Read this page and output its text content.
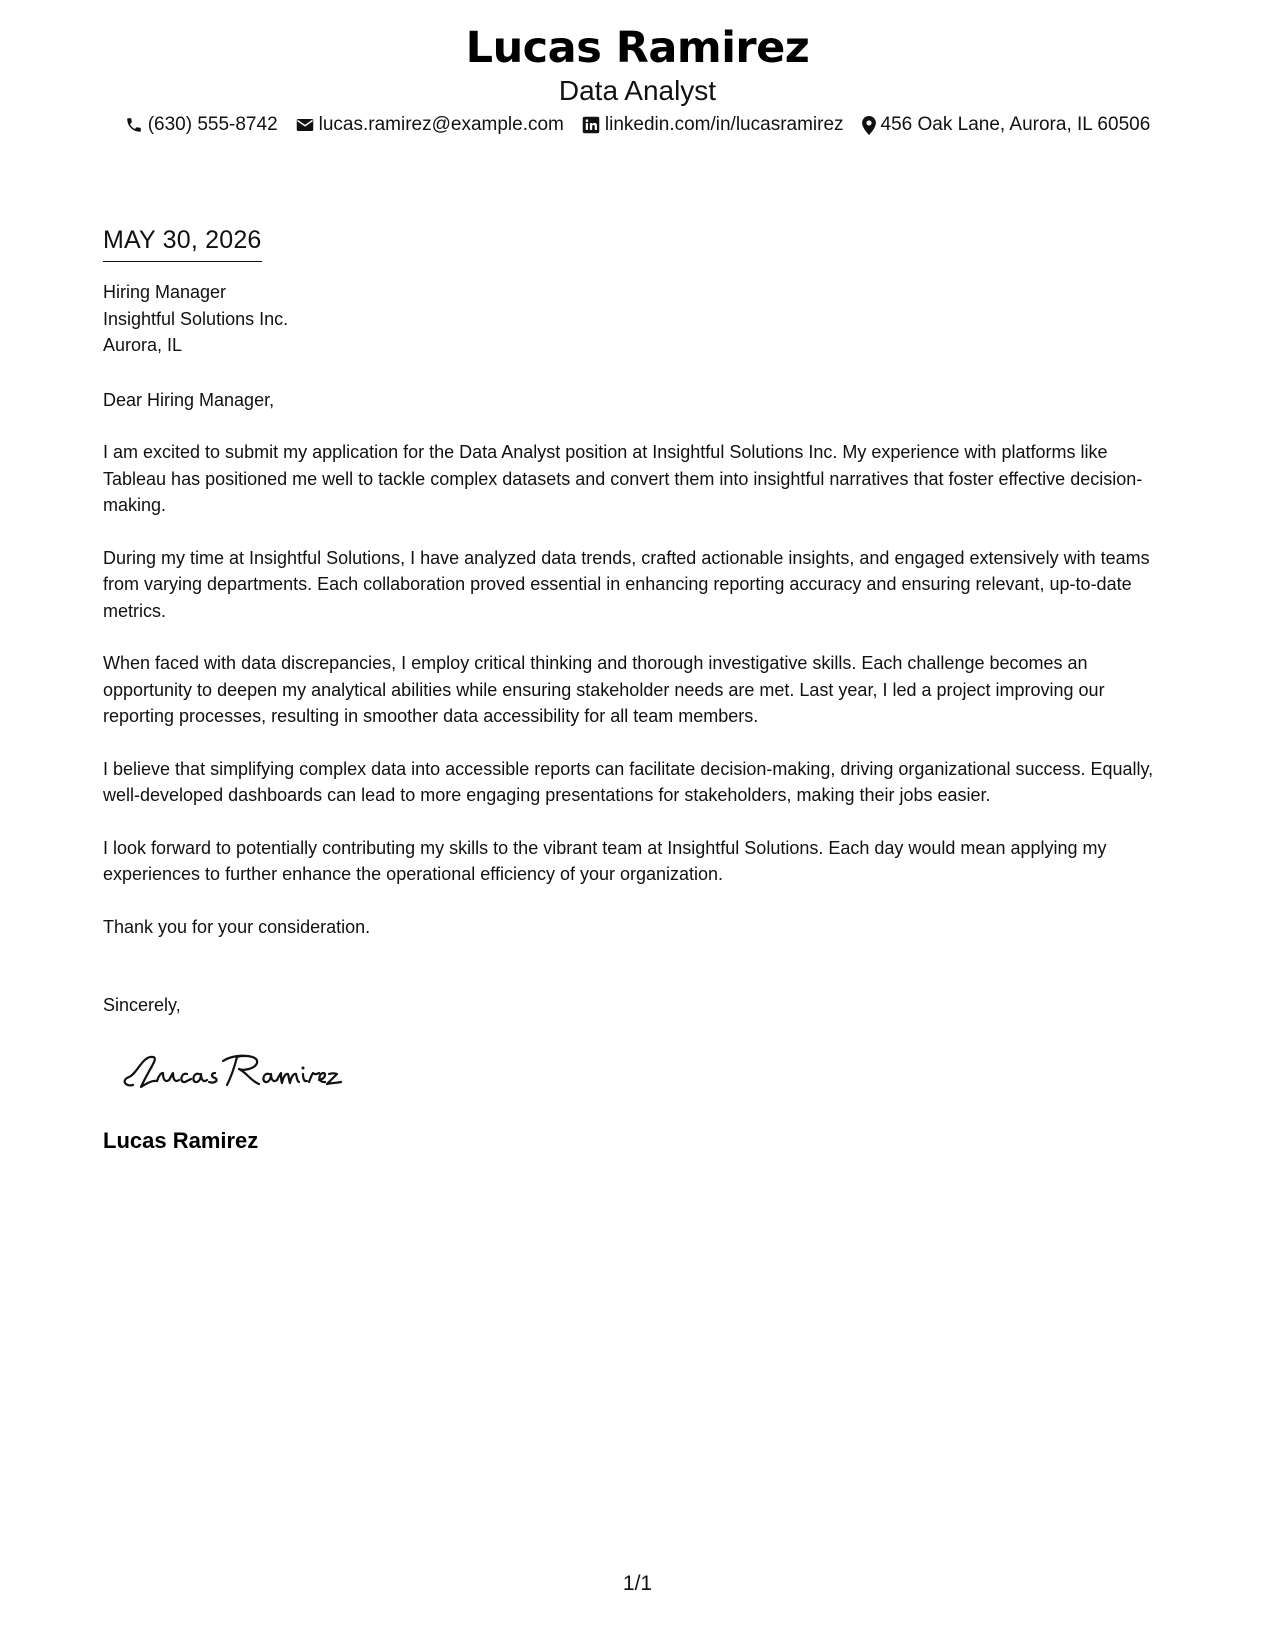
Lucas Ramirez
Data Analyst
(630) 555-8742 lucas.ramirez@example.com linkedin.com/in/lucasramirez 456 Oak Lane, Aurora, IL 60506
MAY 30, 2026
Hiring Manager
Insightful Solutions Inc.
Aurora, IL
Dear Hiring Manager,
I am excited to submit my application for the Data Analyst position at Insightful Solutions Inc. My experience with platforms like Tableau has positioned me well to tackle complex datasets and convert them into insightful narratives that foster effective decision-making.
During my time at Insightful Solutions, I have analyzed data trends, crafted actionable insights, and engaged extensively with teams from varying departments. Each collaboration proved essential in enhancing reporting accuracy and ensuring relevant, up-to-date metrics.
When faced with data discrepancies, I employ critical thinking and thorough investigative skills. Each challenge becomes an opportunity to deepen my analytical abilities while ensuring stakeholder needs are met. Last year, I led a project improving our reporting processes, resulting in smoother data accessibility for all team members.
I believe that simplifying complex data into accessible reports can facilitate decision-making, driving organizational success. Equally, well-developed dashboards can lead to more engaging presentations for stakeholders, making their jobs easier.
I look forward to potentially contributing my skills to the vibrant team at Insightful Solutions. Each day would mean applying my experiences to further enhance the operational efficiency of your organization.
Thank you for your consideration.
Sincerely,
Lucas Ramirez
1/1
